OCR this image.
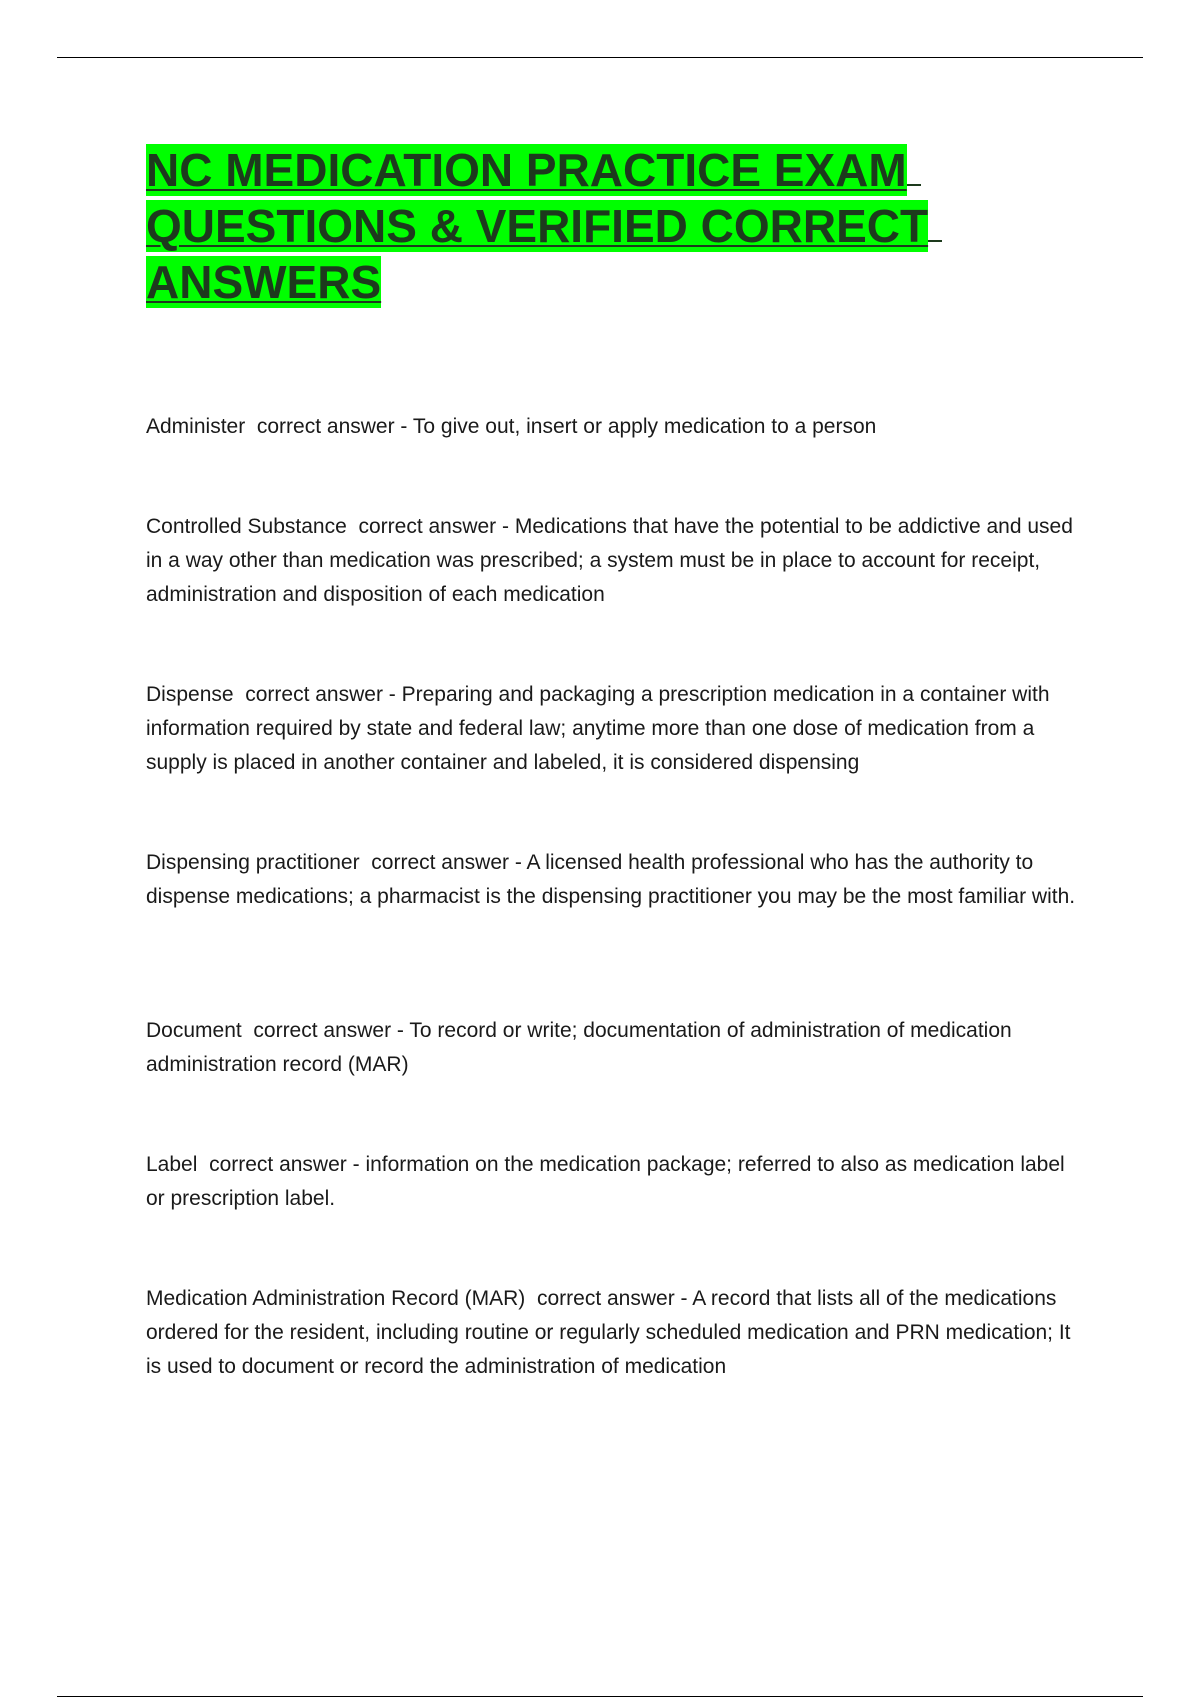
NC MEDICATION PRACTICE EXAM
QUESTIONS & VERIFIED CORRECT
ANSWERS

Administer correct answer - To give out, insert or apply medication to a person

Controlled Substance correct answer - Medications that have the potential to be addictive and used in a way other than medication was prescribed; a system must be in place to account for receipt, administration and disposition of each medication

Dispense correct answer - Preparing and packaging a prescription medication in a container with information required by state and federal law; anytime more than one dose of medication from a supply is placed in another container and labeled, it is considered dispensing

Dispensing practitioner correct answer - A licensed health professional who has the authority to dispense medications; a pharmacist is the dispensing practitioner you may be the most familiar with.

Document correct answer - To record or write; documentation of administration of medication administration record (MAR)

Label correct answer - information on the medication package; referred to also as medication label or prescription label.

Medication Administration Record (MAR) correct answer - A record that lists all of the medications ordered for the resident, including routine or regularly scheduled medication and PRN medication; It is used to document or record the administration of medication
